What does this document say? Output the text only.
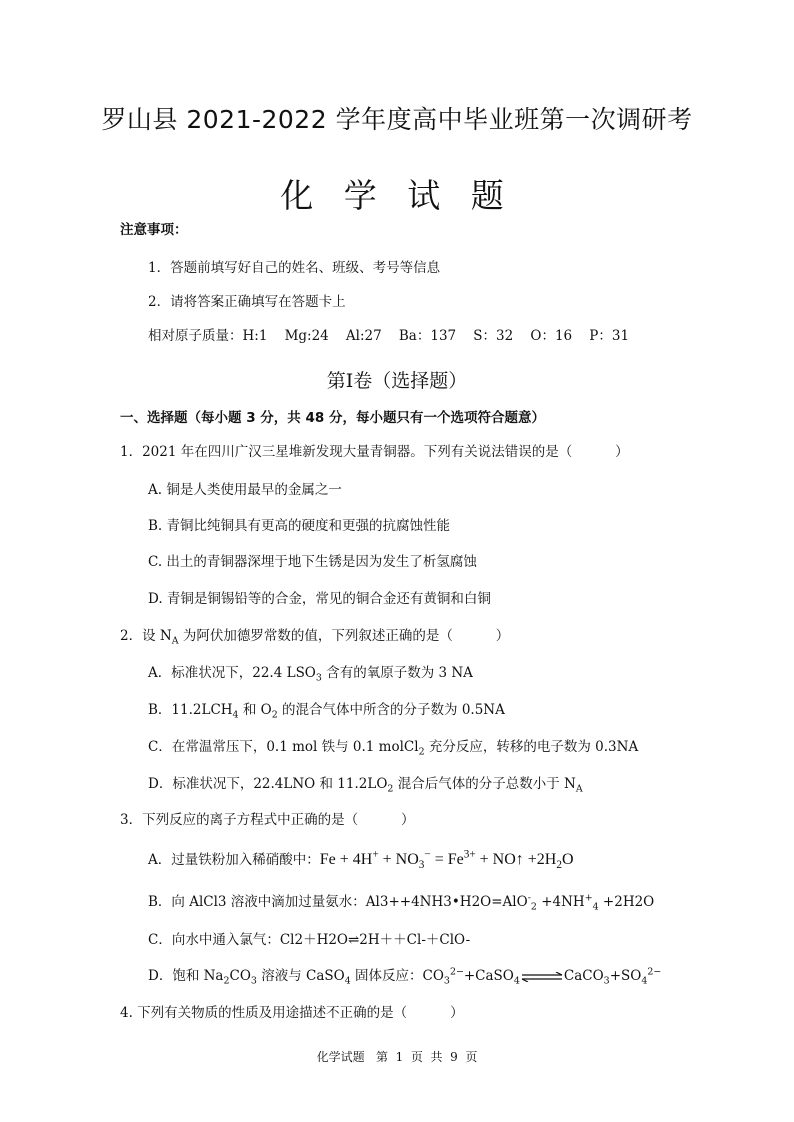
罗山县 2021-2022 学年度高中毕业班第一次调研考
化 学 试 题
注意事项：
1．答题前填写好自己的姓名、班级、考号等信息
2．请将答案正确填写在答题卡上
相对原子质量：H:1    Mg:24    Al:27    Ba：137    S：32    O：16    P：31
第Ⅰ卷（选择题）
一、选择题（每小题 3 分，共 48 分，每小题只有一个选项符合题意）
1．2021 年在四川广汉三星堆新发现大量青铜器。下列有关说法错误的是（          ）
A. 铜是人类使用最早的金属之一
B. 青铜比纯铜具有更高的硬度和更强的抗腐蚀性能
C. 出土的青铜器深埋于地下生锈是因为发生了析氢腐蚀
D. 青铜是铜锡铅等的合金，常见的铜合金还有黄铜和白铜
2．设 $N_A$ 为阿伏加德罗常数的值，下列叙述正确的是（          ）
A．标准状况下，22.4 $LSO_3$ 含有的氧原子数为 3 NA
B．$11.2LCH_4$ 和 $O_2$ 的混合气体中所含的分子数为 0.5NA
C．在常温常压下，0.1 mol 铁与 0.1 molCl$_2$ 充分反应，转移的电子数为 0.3NA
D．标准状况下，22.4LNO 和 $11.2LO_2$ 混合后气体的分子总数小于 $N_A$
3．下列反应的离子方程式中正确的是（          ）
A．过量铁粉加入稀硝酸中：$Fe + 4H^+ + NO_3^- = Fe^{3+}$ + NO↑ $+2H_2O$
B．向 AlCl3 溶液中滴加过量氨水：Al3++4NH3•H2O=AlO-$_2$ $+4NH^+_4 +2H2O$
C．向水中通入氯气：Cl2＋H2O⇌2H＋＋Cl-＋ClO-
D．饱和 $Na_2CO_3$ 溶液与 CaSO$_4$ 固体反应：$CO_3^{2-}+CaSO_4\rightleftharpoons CaCO_3+SO_4^{2-}$
4. 下列有关物质的性质及用途描述不正确的是（          ）
化学试题   第  1  页  共  9  页
